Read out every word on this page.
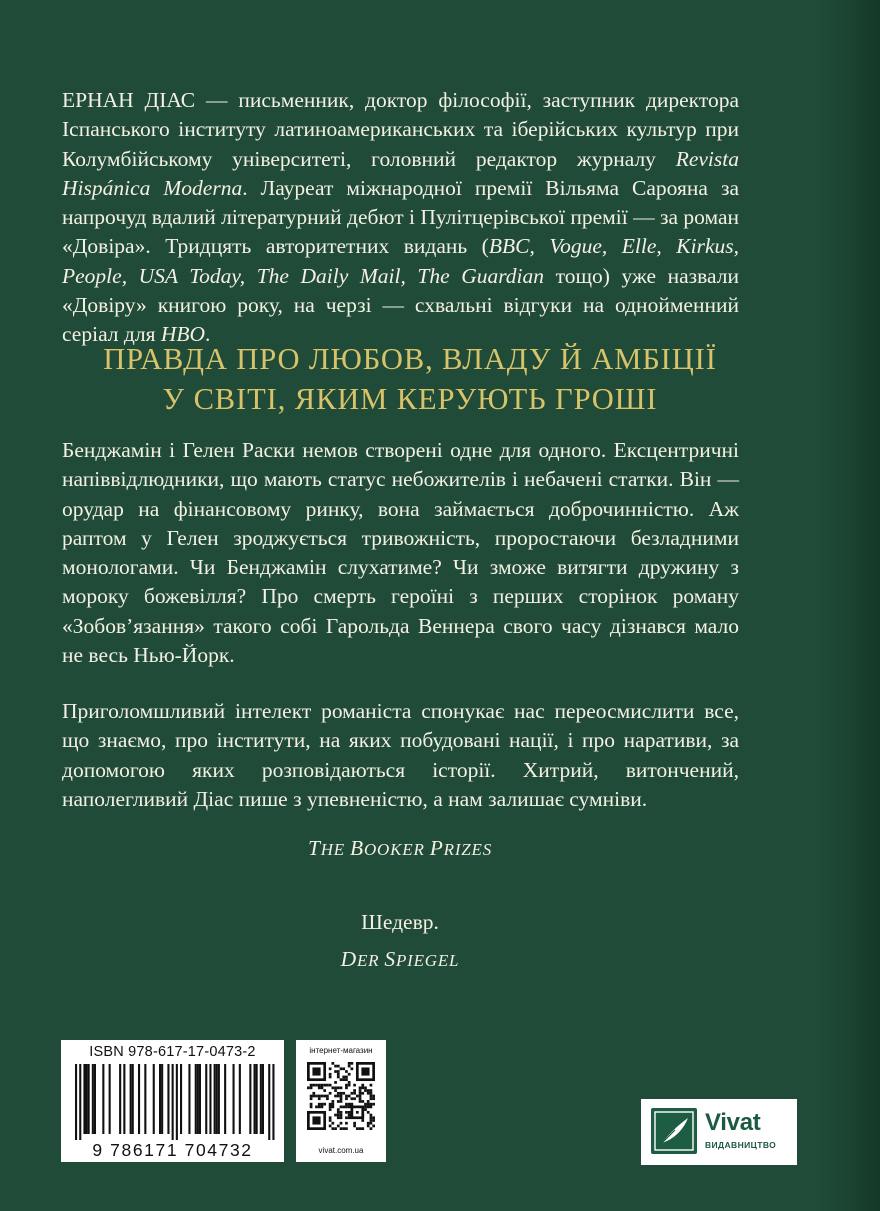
ЕРНАН ДІАС — письменник, доктор філософії, заступник директора Іспанського інституту латиноамериканських та іберійських культур при Колумбійському університеті, головний редактор журналу Revista Hispánica Moderna. Лауреат міжнародної премії Вільяма Сарояна за напрочуд вдалий літературний дебют і Пулітцерівської премії — за роман «Довіра». Тридцять авторитетних видань (BBC, Vogue, Elle, Kirkus, People, USA Today, The Daily Mail, The Guardian тощо) уже назвали «Довіру» книгою року, на черзі — схвальні відгуки на однойменний серіал для HBO.
ПРАВДА ПРО ЛЮБОВ, ВЛАДУ Й АМБІЦІЇ
У СВІТІ, ЯКИМ КЕРУЮТЬ ГРОШІ
Бенджамін і Гелен Раски немов створені одне для одного. Ексцентричні напіввідлюдники, що мають статус небожителів і небачені статки. Він — орудар на фінансовому ринку, вона займається доброчинністю. Аж раптом у Гелен зроджується тривожність, проростаючи безладними монологами. Чи Бенджамін слухатиме? Чи зможе витягти дружину з мороку божевілля? Про смерть героїні з перших сторінок роману «Зобов’язання» такого собі Гарольда Веннера свого часу дізнався мало не весь Нью-Йорк.
Приголомшливий інтелект романіста спонукає нас переосмислити все, що знаємо, про інститути, на яких побудовані нації, і про наративи, за допомогою яких розповідаються історії. Хитрий, витончений, наполегливий Діас пише з упевненістю, а нам залишає сумніви.
THE BOOKER PRIZES
Шедевр.
DER SPIEGEL
ISBN 978-617-17-0473-2
9 786171 704732
інтернет-магазин
vivat.com.ua
Vivat
ВИДАВНИЦТВО
